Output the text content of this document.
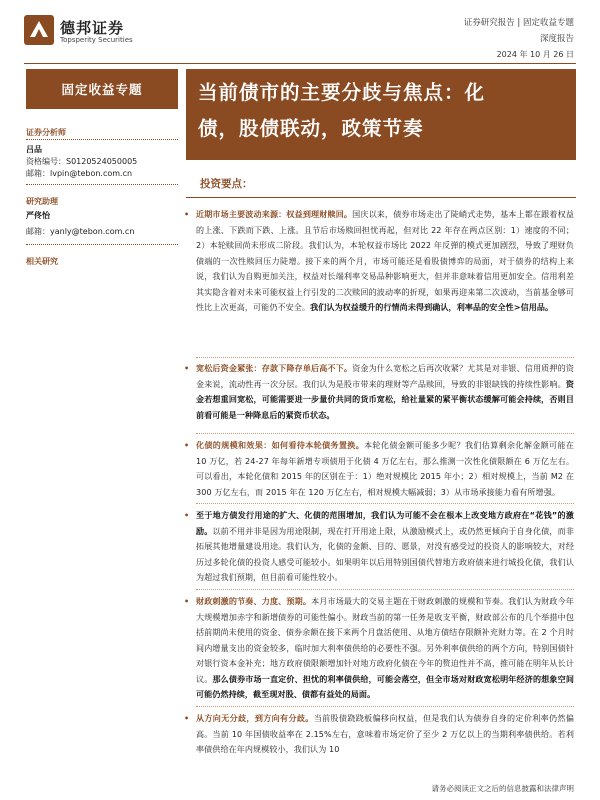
德邦证券
Topsperity Securities
证券研究报告 | 固定收益专题
深度报告
2024 年 10 月 26 日
固定收益专题	当前债市的主要分歧与焦点：化
债，股债联动，政策节奏
证券分析师
吕品
资格编号：S0120524050005
邮箱：lvpin@tebon.com.cn
研究助理
严佟怡
邮箱：yanly@tebon.com.cn
相关研究
投资要点：
• 近期市场主要波动来源：权益到理财赎回。国庆以来，债券市场走出了陡峭式走势，基本上都在跟着权益的上涨、下跌而下跌、上涨。且节后市场赎回担忧再起，但对比 22 年存在两点区别：1）速度的不同；2）本轮赎回尚未形成二阶段。我们认为，本轮权益市场比 2022 年反弹的模式更加剧烈，导致了理财负债端的一次性赎回压力陡增。接下来的两个月，市场可能还是看股债博弈的局面，对于债券的结构上来说，我们认为自购更加关注，权益对长端利率交易品种影响更大，但并非意味着信用更加安全。信用利差其实隐含着对未来可能权益上行引发的二次赎回的波动率的折现，如果再迎来第二次波动，当前基金够可性比上次更高，可能仍不安全。我们认为权益缓升的行情尚未得到确认，利率品的安全性>信用品。
• 宽松后资金紧张：存款下降存单后高不下。资金为什么宽松之后再次收紧？尤其是对非银、信用质押的资金来说，流动性再一次分层。我们认为是股市带来的理财等产品赎回，导致的非银缺钱的持续性影响。资金若想重回宽松，可能需要进一步量价共同的货币宽松，给社量紧的紧平衡状态缓解可能会持续，否则目前看可能是一种降息后的紧资币状态。
• 化债的规模和效果：如何看待本轮债务置换。本轮化债金额可能多少呢？我们估算剩余化解金额可能在 10 万亿，若 24-27 年每年新增专项债用于化债 4 万亿左右，那么推测一次性化债限额在 6 万亿左右。可以看出，本轮化债和 2015 年的区别在于：1）绝对规模比 2015 年小；2）相对规模上，当前 M2 在 300 万亿左右，而 2015 年在 120 万亿左右，相对规模大幅减弱；3）从市场承接能力看有所增强。
• 至于地方债发行用途的扩大、化债的范围增加，我们认为可能不会在根本上改变地方政府在“花钱”的激励。以前不用并非是因为用途限制，现在打开用途上限，从激励模式上，或仍然更倾向于自身化债，而非拓展其他增量建设用途。我们认为，化债的金额、目的、愿景，对没有感受过的投资人的影响较大，对经历过多轮化债的投资人感受可能较小。如果明年以后用特别国债代替地方政府债来进行城投化债，我们认为超过我们预期，但目前看可能性较小。
• 财政刺激的节奏、力度、预期。本月市场最大的交易主题在于财政刺激的规模和节奏。我们认为财政今年大规模增加赤字和新增债券的可能性偏小。财政当前的第一任务是收支平衡，财政部公布的几个举措中包括前期尚未使用的资金、债券余额在接下来两个月盘活使用、从地方债结存限额补充财力等。在 2 个月时间内增量支出的资金较多，临时加大利率债供给的必要性不强。另外利率债供给的两个方向，特别国债针对银行资本金补充；地方政府债限额增加针对地方政府化债在今年的赘迫性并不高，推可能在明年从长计议。那么债券市场一直定价、担忧的利率债供给，可能会落空，但全市场对财政宽松明年经济的想象空间可能仍然持续，截至现对股、债都有益处的局面。
• 从方向无分歧，到方向有分歧。当前股债跷跷板偏移向权益，但是我们认为债券自身的定价利率仍然偏高。当前 10 年国债收益率在 2.15%左右，意味着市场定价了至少 2 万亿以上的当期利率债供给。若利率债供给在年内规模较小，我们认为 10
请务必阅读正文之后的信息披露和法律声明
